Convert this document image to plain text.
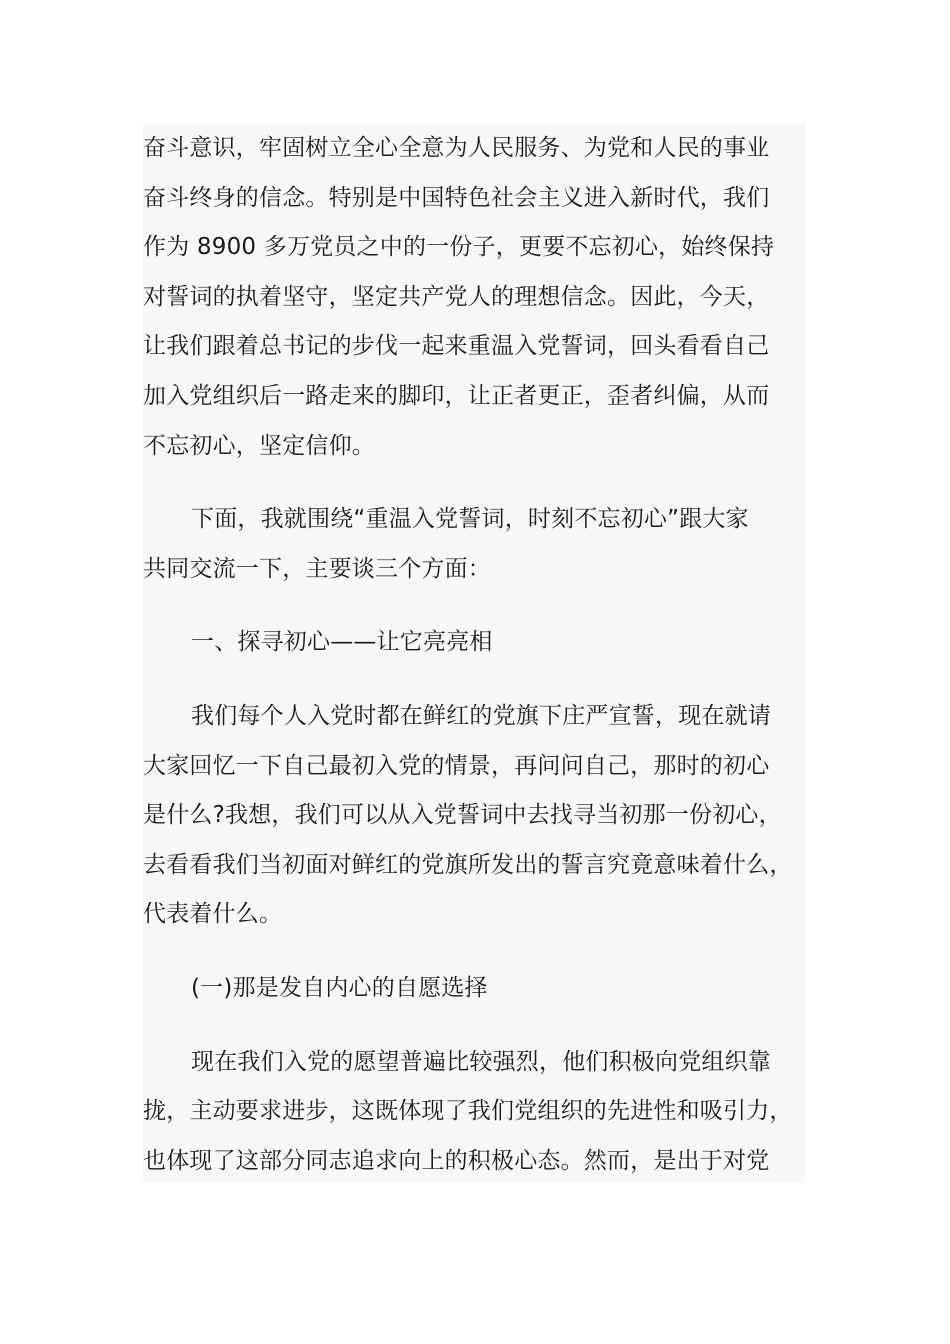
奋斗意识，牢固树立全心全意为人民服务、为党和人民的事业
奋斗终身的信念。特别是中国特色社会主义进入新时代，我们
作为 8900 多万党员之中的一份子，更要不忘初心，始终保持
对誓词的执着坚守，坚定共产党人的理想信念。因此，今天，
让我们跟着总书记的步伐一起来重温入党誓词，回头看看自己
加入党组织后一路走来的脚印，让正者更正，歪者纠偏，从而
不忘初心，坚定信仰。

下面，我就围绕“重温入党誓词，时刻不忘初心”跟大家
共同交流一下，主要谈三个方面：

一、探寻初心——让它亮亮相

我们每个人入党时都在鲜红的党旗下庄严宣誓，现在就请
大家回忆一下自己最初入党的情景，再问问自己，那时的初心
是什么?我想，我们可以从入党誓词中去找寻当初那一份初心，
去看看我们当初面对鲜红的党旗所发出的誓言究竟意味着什么，
代表着什么。

(一)那是发自内心的自愿选择

现在我们入党的愿望普遍比较强烈，他们积极向党组织靠
拢，主动要求进步，这既体现了我们党组织的先进性和吸引力，
也体现了这部分同志追求向上的积极心态。然而，是出于对党
